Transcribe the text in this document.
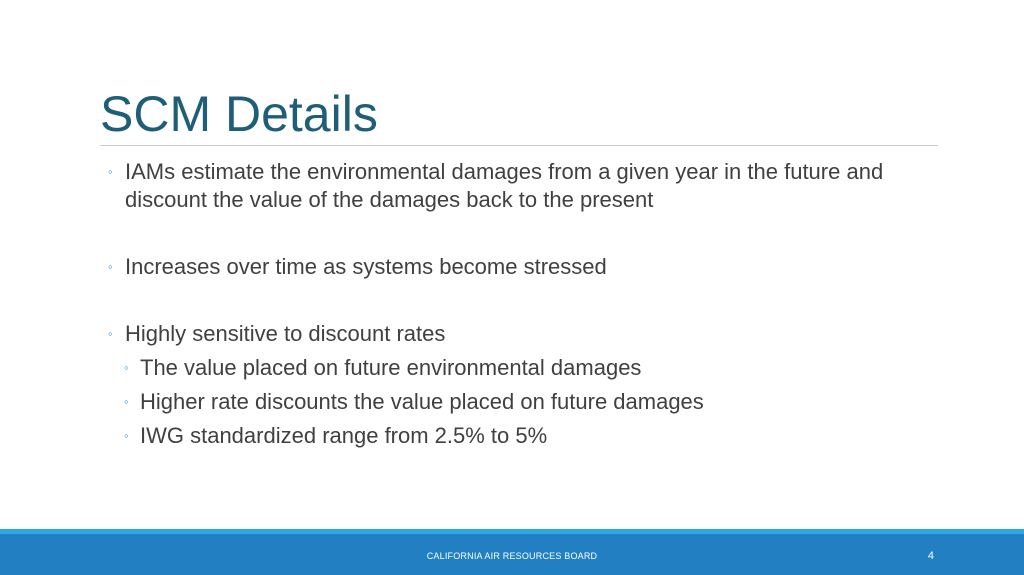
SCM Details
◦ IAMs estimate the environmental damages from a given year in the future and discount the value of the damages back to the present
◦ Increases over time as systems become stressed
◦ Highly sensitive to discount rates
◦ The value placed on future environmental damages
◦ Higher rate discounts the value placed on future damages
◦ IWG standardized range from 2.5% to 5%
CALIFORNIA AIR RESOURCES BOARD	4
